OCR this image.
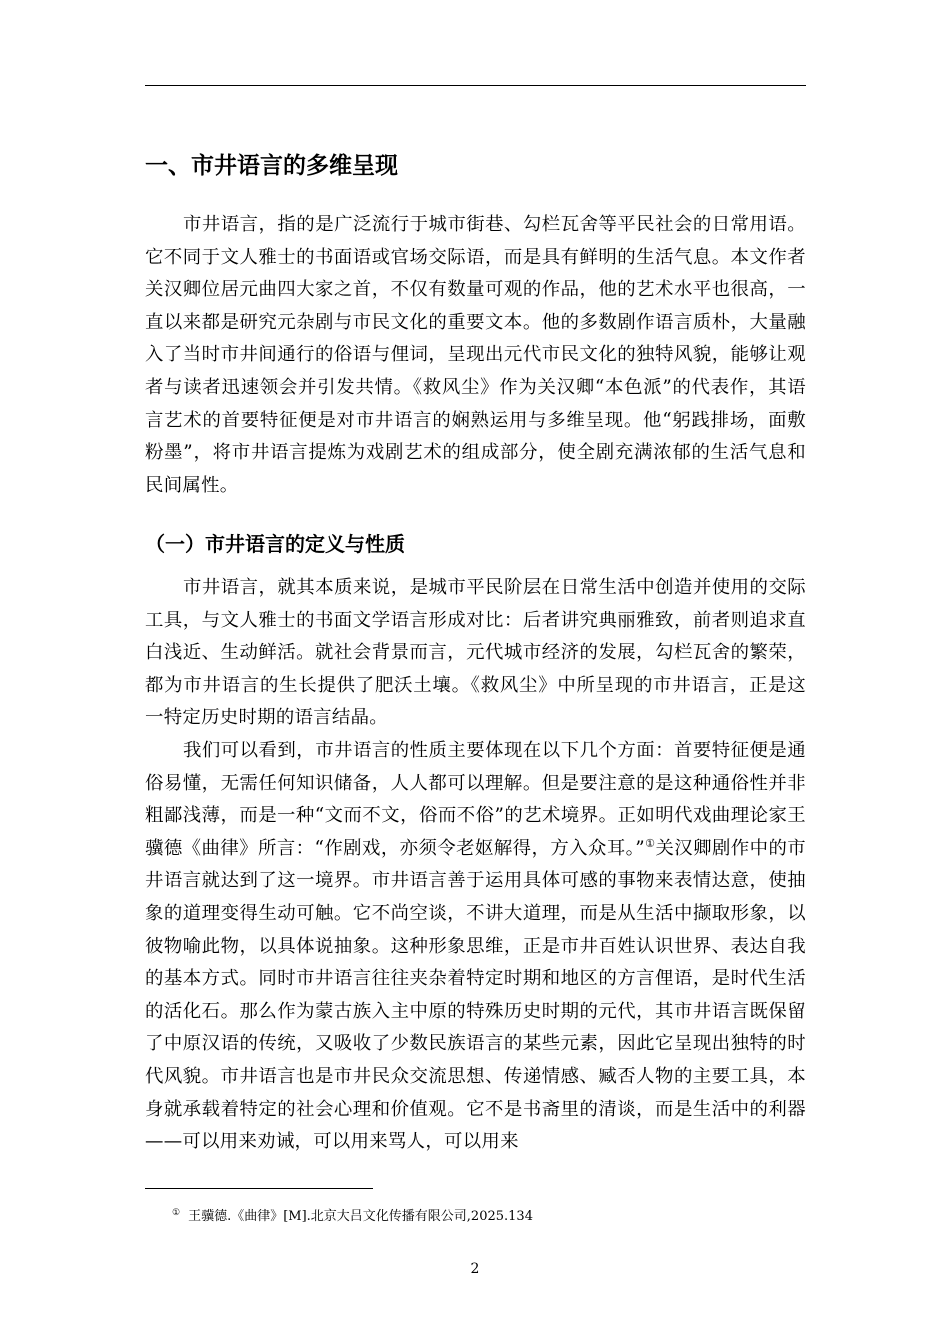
一、市井语言的多维呈现

市井语言，指的是广泛流行于城市街巷、勾栏瓦舍等平民社会的日常用语。它不同于文人雅士的书面语或官场交际语，而是具有鲜明的生活气息。本文作者关汉卿位居元曲四大家之首，不仅有数量可观的作品，他的艺术水平也很高，一直以来都是研究元杂剧与市民文化的重要文本。他的多数剧作语言质朴，大量融入了当时市井间通行的俗语与俚词，呈现出元代市民文化的独特风貌，能够让观者与读者迅速领会并引发共情。《救风尘》作为关汉卿“本色派”的代表作，其语言艺术的首要特征便是对市井语言的娴熟运用与多维呈现。他“躬践排场，面敷粉墨”，将市井语言提炼为戏剧艺术的组成部分，使全剧充满浓郁的生活气息和民间属性。

（一）市井语言的定义与性质

市井语言，就其本质来说，是城市平民阶层在日常生活中创造并使用的交际工具，与文人雅士的书面文学语言形成对比：后者讲究典丽雅致，前者则追求直白浅近、生动鲜活。就社会背景而言，元代城市经济的发展，勾栏瓦舍的繁荣，都为市井语言的生长提供了肥沃土壤。《救风尘》中所呈现的市井语言，正是这一特定历史时期的语言结晶。

我们可以看到，市井语言的性质主要体现在以下几个方面：首要特征便是通俗易懂，无需任何知识储备，人人都可以理解。但是要注意的是这种通俗性并非粗鄙浅薄，而是一种“文而不文，俗而不俗”的艺术境界。正如明代戏曲理论家王骥德《曲律》所言：“作剧戏，亦须令老妪解得，方入众耳。”①关汉卿剧作中的市井语言就达到了这一境界。市井语言善于运用具体可感的事物来表情达意，使抽象的道理变得生动可触。它不尚空谈，不讲大道理，而是从生活中撷取形象，以彼物喻此物，以具体说抽象。这种形象思维，正是市井百姓认识世界、表达自我的基本方式。同时市井语言往往夹杂着特定时期和地区的方言俚语，是时代生活的活化石。那么作为蒙古族入主中原的特殊历史时期的元代，其市井语言既保留了中原汉语的传统，又吸收了少数民族语言的某些元素，因此它呈现出独特的时代风貌。市井语言也是市井民众交流思想、传递情感、臧否人物的主要工具，本身就承载着特定的社会心理和价值观。它不是书斋里的清谈，而是生活中的利器——可以用来劝诫，可以用来骂人，可以用来

① 王骥德.《曲律》[M].北京大吕文化传播有限公司,2025.134

2
